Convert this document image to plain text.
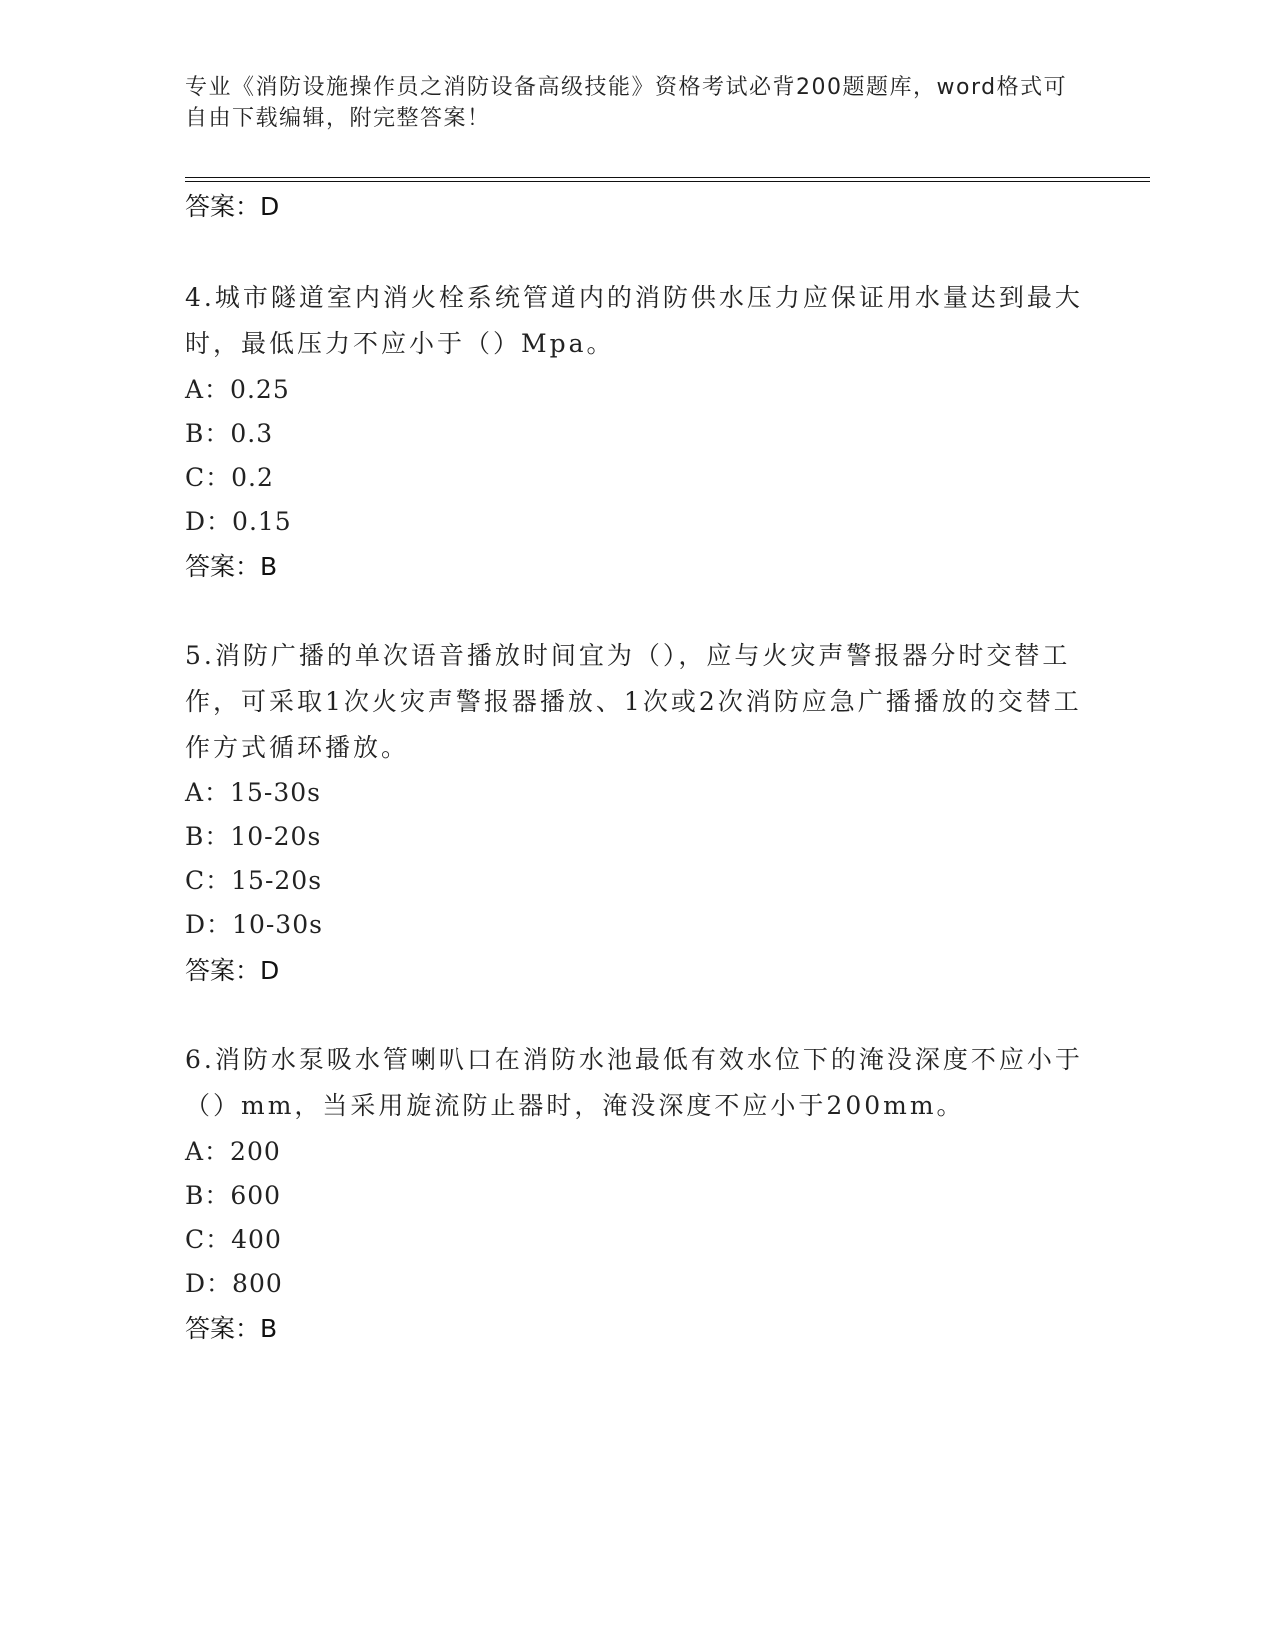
专业《消防设施操作员之消防设备高级技能》资格考试必背200题题库，word格式可自由下载编辑，附完整答案！
答案：D
4.城市隧道室内消火栓系统管道内的消防供水压力应保证用水量达到最大时，最低压力不应小于（）Mpa。
A：0.25
B：0.3
C：0.2
D：0.15
答案：B
5.消防广播的单次语音播放时间宜为（），应与火灾声警报器分时交替工作，可采取1次火灾声警报器播放、1次或2次消防应急广播播放的交替工作方式循环播放。
A：15-30s
B：10-20s
C：15-20s
D：10-30s
答案：D
6.消防水泵吸水管喇叭口在消防水池最低有效水位下的淹没深度不应小于（）mm，当采用旋流防止器时，淹没深度不应小于200mm。
A：200
B：600
C：400
D：800
答案：B
